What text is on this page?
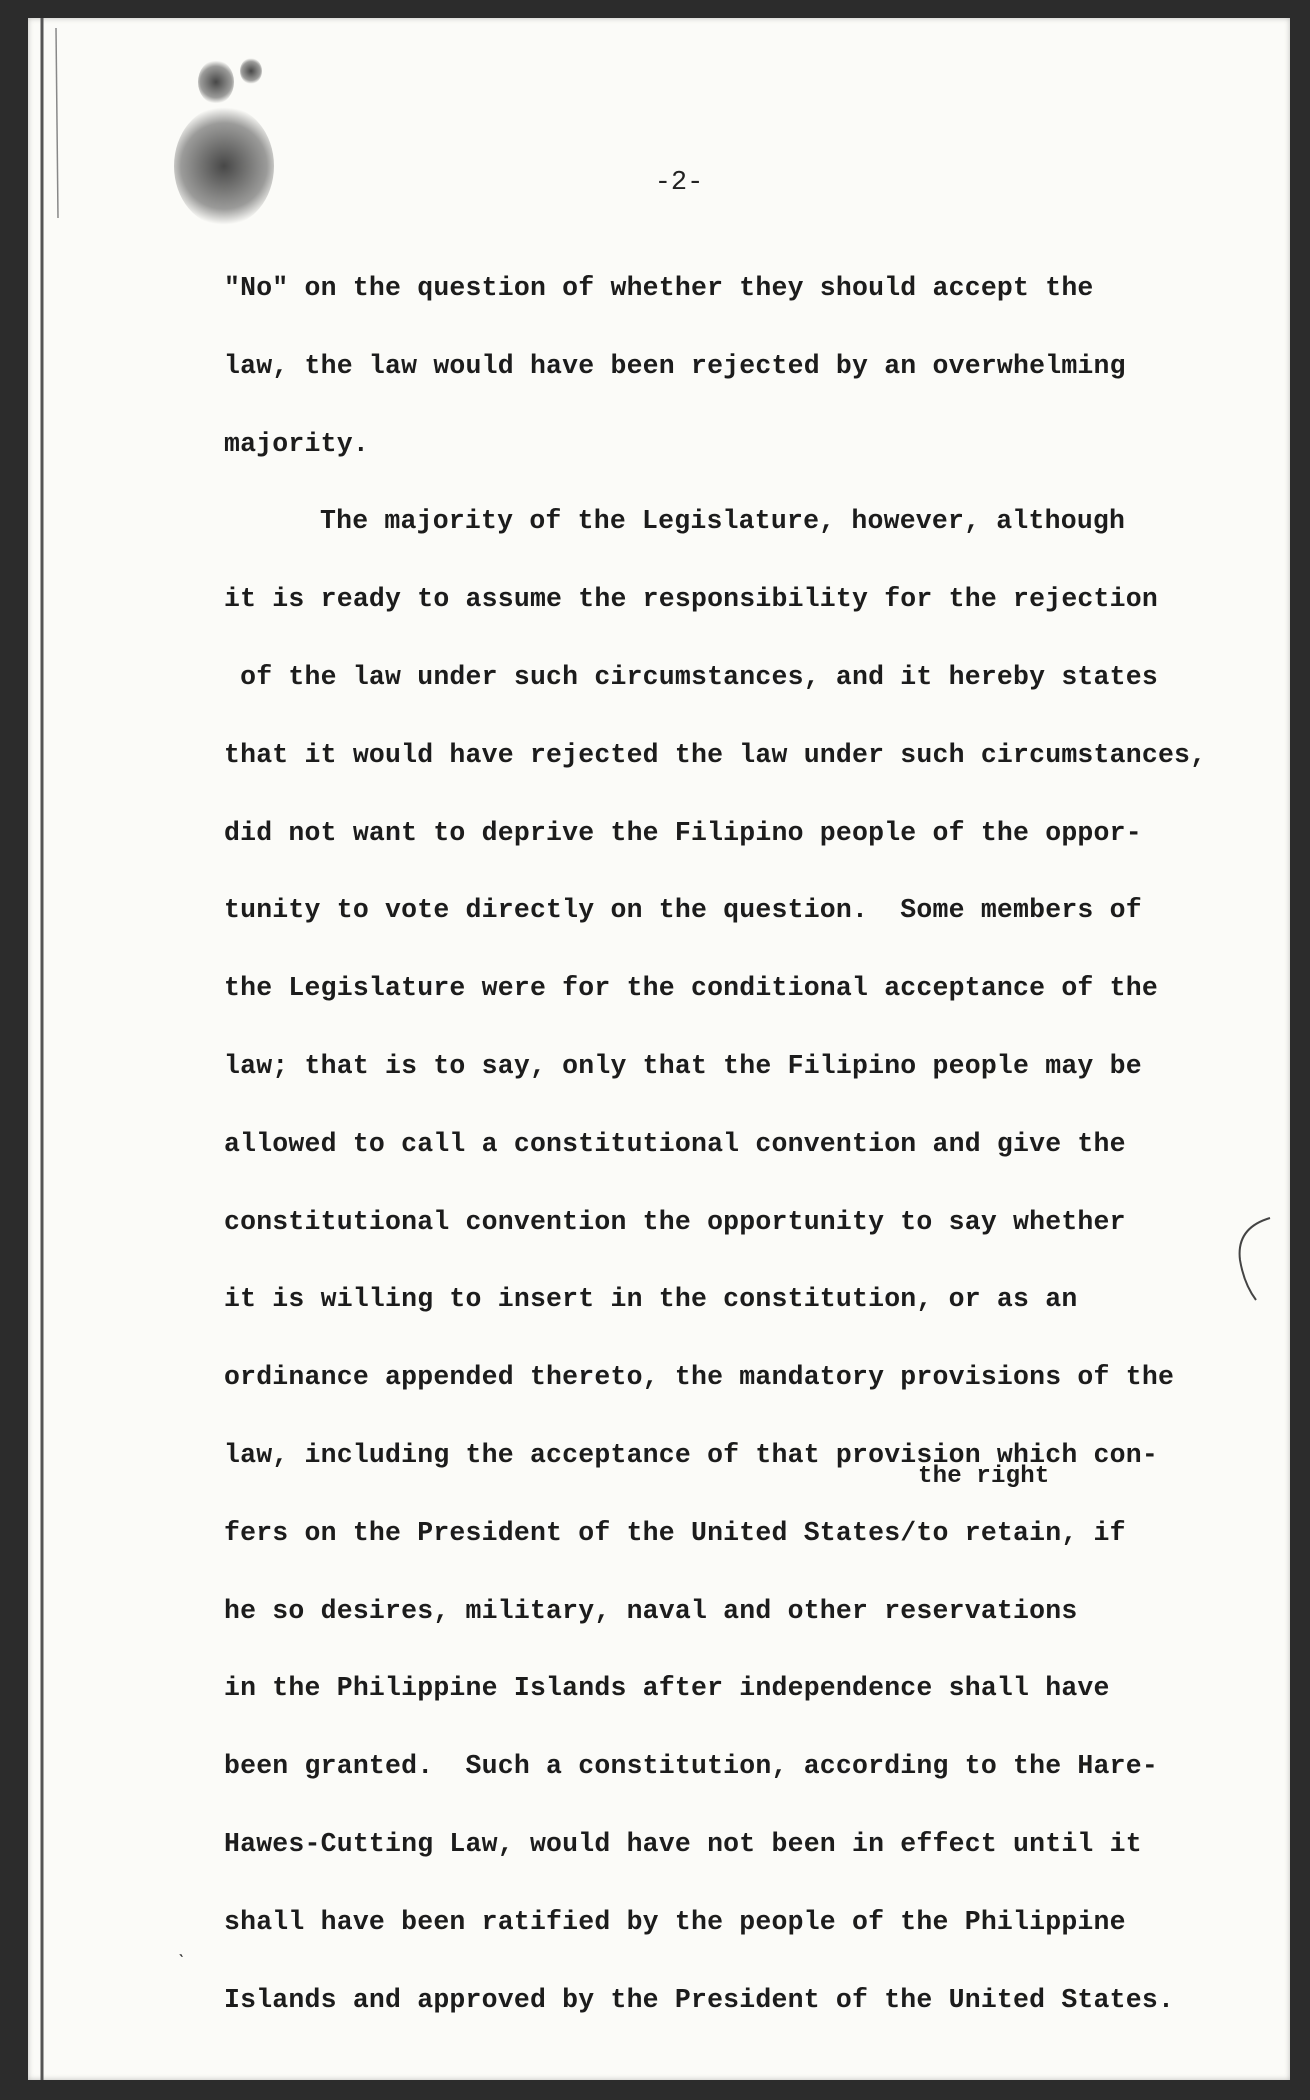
-2-
"No" on the question of whether they should accept the
law, the law would have been rejected by an overwhelming
majority.
The majority of the Legislature, however, although
it is ready to assume the responsibility for the rejection
of the law under such circumstances, and it hereby states
that it would have rejected the law under such circumstances,
did not want to deprive the Filipino people of the oppor-
tunity to vote directly on the question.  Some members of
the Legislature were for the conditional acceptance of the
law; that is to say, only that the Filipino people may be
allowed to call a constitutional convention and give the
constitutional convention the opportunity to say whether
it is willing to insert in the constitution, or as an
ordinance appended thereto, the mandatory provisions of the
law, including the acceptance of that provision which con-
the right
fers on the President of the United States/to retain, if
he so desires, military, naval and other reservations
in the Philippine Islands after independence shall have
been granted.  Such a constitution, according to the Hare-
Hawes-Cutting Law, would have not been in effect until it
shall have been ratified by the people of the Philippine
Islands and approved by the President of the United States.
ˋ
